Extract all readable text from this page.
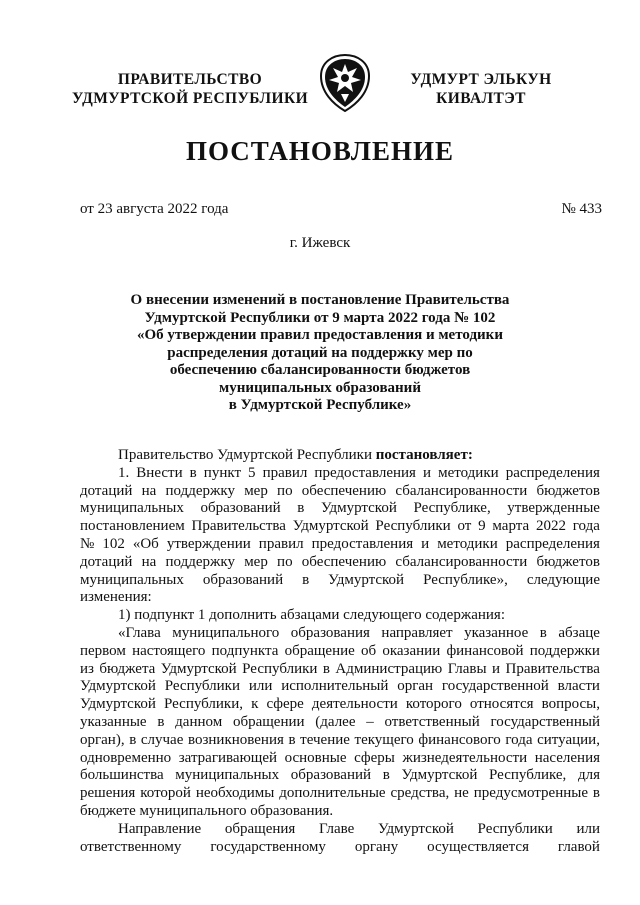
ПРАВИТЕЛЬСТВО
УДМУРТСКОЙ РЕСПУБЛИКИ
УДМУРТ ЭЛЬКУН
КИВАЛТЭТ
ПОСТАНОВЛЕНИЕ
от 23 августа 2022 года	№ 433
г. Ижевск
О внесении изменений в постановление Правительства
Удмуртской Республики от 9 марта 2022 года № 102
«Об утверждении правил предоставления и методики
распределения дотаций на поддержку мер по
обеспечению сбалансированности бюджетов
муниципальных образований
в Удмуртской Республике»
Правительство Удмуртской Республики
постановляет:
1. Внести в пункт 5 правил предоставления и методики распределения
дотаций на поддержку мер по обеспечению сбалансированности бюджетов
муниципальных образований в Удмуртской Республике, утвержденные
постановлением Правительства Удмуртской Республики от 9 марта 2022 года
№ 102 «Об утверждении правил предоставления и методики распределения
дотаций на поддержку мер по обеспечению сбалансированности бюджетов
муниципальных образований в Удмуртской Республике», следующие
изменения:
1) подпункт 1 дополнить абзацами следующего содержания:
«Глава муниципального образования направляет указанное в абзаце
первом настоящего подпункта обращение об оказании финансовой поддержки
из бюджета Удмуртской Республики в Администрацию Главы и Правительства
Удмуртской Республики или исполнительный орган государственной власти
Удмуртской Республики, к сфере деятельности которого относятся вопросы,
указанные в данном обращении (далее – ответственный государственный
орган), в случае возникновения в течение текущего финансового года ситуации,
одновременно затрагивающей основные сферы жизнедеятельности населения
большинства муниципальных образований в Удмуртской Республике, для
решения которой необходимы дополнительные средства, не предусмотренные в
бюджете муниципального образования.
Направление обращения Главе Удмуртской Республики или
ответственному государственному органу осуществляется главой
